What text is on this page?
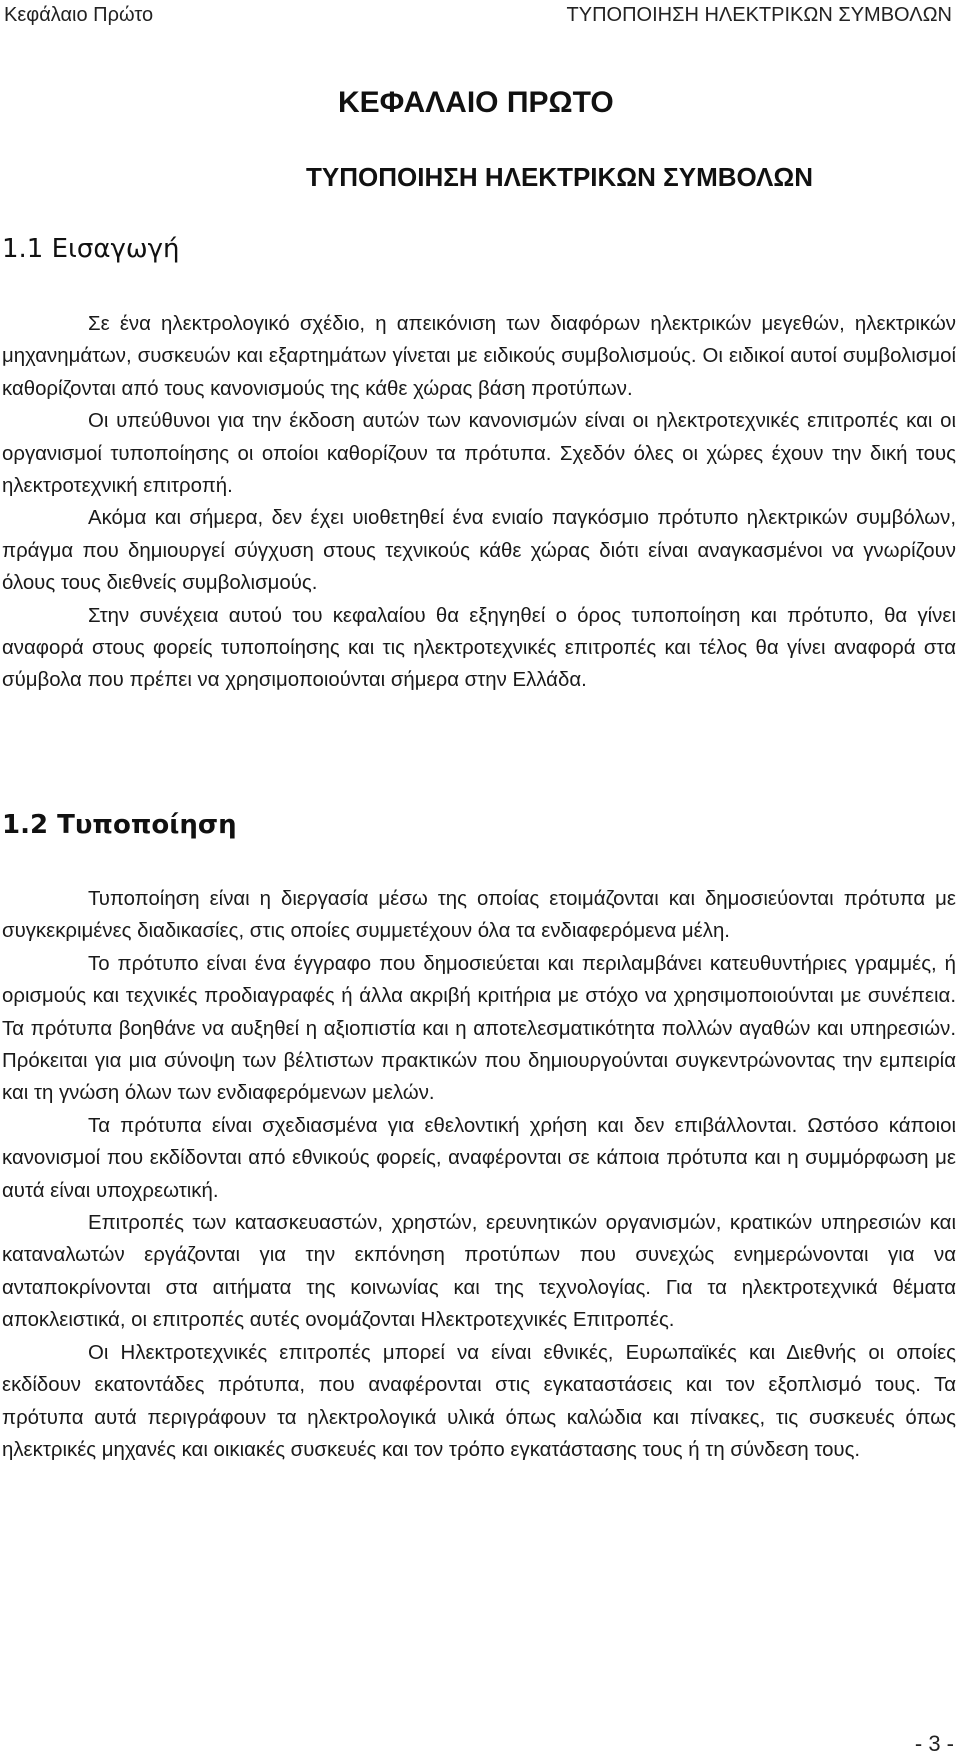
Κεφάλαιο Πρώτο	ΤΥΠΟΠΟΙΗΣΗ ΗΛΕΚΤΡΙΚΩΝ ΣΥΜΒΟΛΩΝ
ΚΕΦΑΛΑΙΟ ΠΡΩΤΟ
ΤΥΠΟΠΟΙΗΣΗ ΗΛΕΚΤΡΙΚΩΝ ΣΥΜΒΟΛΩΝ
1.1 Εισαγωγή

Σε ένα ηλεκτρολογικό σχέδιο, η απεικόνιση των διαφόρων ηλεκτρικών μεγεθών, ηλεκτρικών μηχανημάτων, συσκευών και εξαρτημάτων γίνεται με ειδικούς συμβολισμούς. Οι ειδικοί αυτοί συμβολισμοί καθορίζονται από τους κανονισμούς της κάθε χώρας βάση προτύπων.

Οι υπεύθυνοι για την έκδοση αυτών των κανονισμών είναι οι ηλεκτροτεχνικές επιτροπές και οι οργανισμοί τυποποίησης οι οποίοι καθορίζουν τα πρότυπα. Σχεδόν όλες οι χώρες έχουν την δική τους ηλεκτροτεχνική επιτροπή.

Ακόμα και σήμερα, δεν έχει υιοθετηθεί ένα ενιαίο παγκόσμιο πρότυπο ηλεκτρικών συμβόλων, πράγμα που δημιουργεί σύγχυση στους τεχνικούς κάθε χώρας διότι είναι αναγκασμένοι να γνωρίζουν όλους τους διεθνείς συμβολισμούς.

Στην συνέχεια αυτού του κεφαλαίου θα εξηγηθεί ο όρος τυποποίηση και πρότυπο, θα γίνει αναφορά στους φορείς τυποποίησης και τις ηλεκτροτεχνικές επιτροπές και τέλος θα γίνει αναφορά στα σύμβολα που πρέπει να χρησιμοποιούνται σήμερα στην Ελλάδα.

1.2 Τυποποίηση

Τυποποίηση είναι η διεργασία μέσω της οποίας ετοιμάζονται και δημοσιεύονται πρότυπα με συγκεκριμένες διαδικασίες, στις οποίες συμμετέχουν όλα τα ενδιαφερόμενα μέλη.

Το πρότυπο είναι ένα έγγραφο που δημοσιεύεται και περιλαμβάνει κατευθυντήριες γραμμές, ή ορισμούς και τεχνικές προδιαγραφές ή άλλα ακριβή κριτήρια με στόχο να χρησιμοποιούνται με συνέπεια. Τα πρότυπα βοηθάνε να αυξηθεί η αξιοπιστία και η αποτελεσματικότητα πολλών αγαθών και υπηρεσιών. Πρόκειται για μια σύνοψη των βέλτιστων πρακτικών που δημιουργούνται συγκεντρώνοντας την εμπειρία και τη γνώση όλων των ενδιαφερόμενων μελών.

Τα πρότυπα είναι σχεδιασμένα για εθελοντική χρήση και δεν επιβάλλονται. Ωστόσο κάποιοι κανονισμοί που εκδίδονται από εθνικούς φορείς, αναφέρονται σε κάποια πρότυπα και η συμμόρφωση με αυτά είναι υποχρεωτική.

Επιτροπές των κατασκευαστών, χρηστών, ερευνητικών οργανισμών, κρατικών υπηρεσιών και καταναλωτών εργάζονται για την εκπόνηση προτύπων που συνεχώς ενημερώνονται για να ανταποκρίνονται στα αιτήματα της κοινωνίας και της τεχνολογίας. Για τα ηλεκτροτεχνικά θέματα αποκλειστικά, οι επιτροπές αυτές ονομάζονται Ηλεκτροτεχνικές Επιτροπές.

Οι Ηλεκτροτεχνικές επιτροπές μπορεί να είναι εθνικές, Ευρωπαϊκές και Διεθνής οι οποίες εκδίδουν εκατοντάδες πρότυπα, που αναφέρονται στις εγκαταστάσεις και τον εξοπλισμό τους. Τα πρότυπα αυτά περιγράφουν τα ηλεκτρολογικά υλικά όπως καλώδια και πίνακες, τις συσκευές όπως ηλεκτρικές μηχανές και οικιακές συσκευές και τον τρόπο εγκατάστασης τους ή τη σύνδεση τους.

- 3 -
